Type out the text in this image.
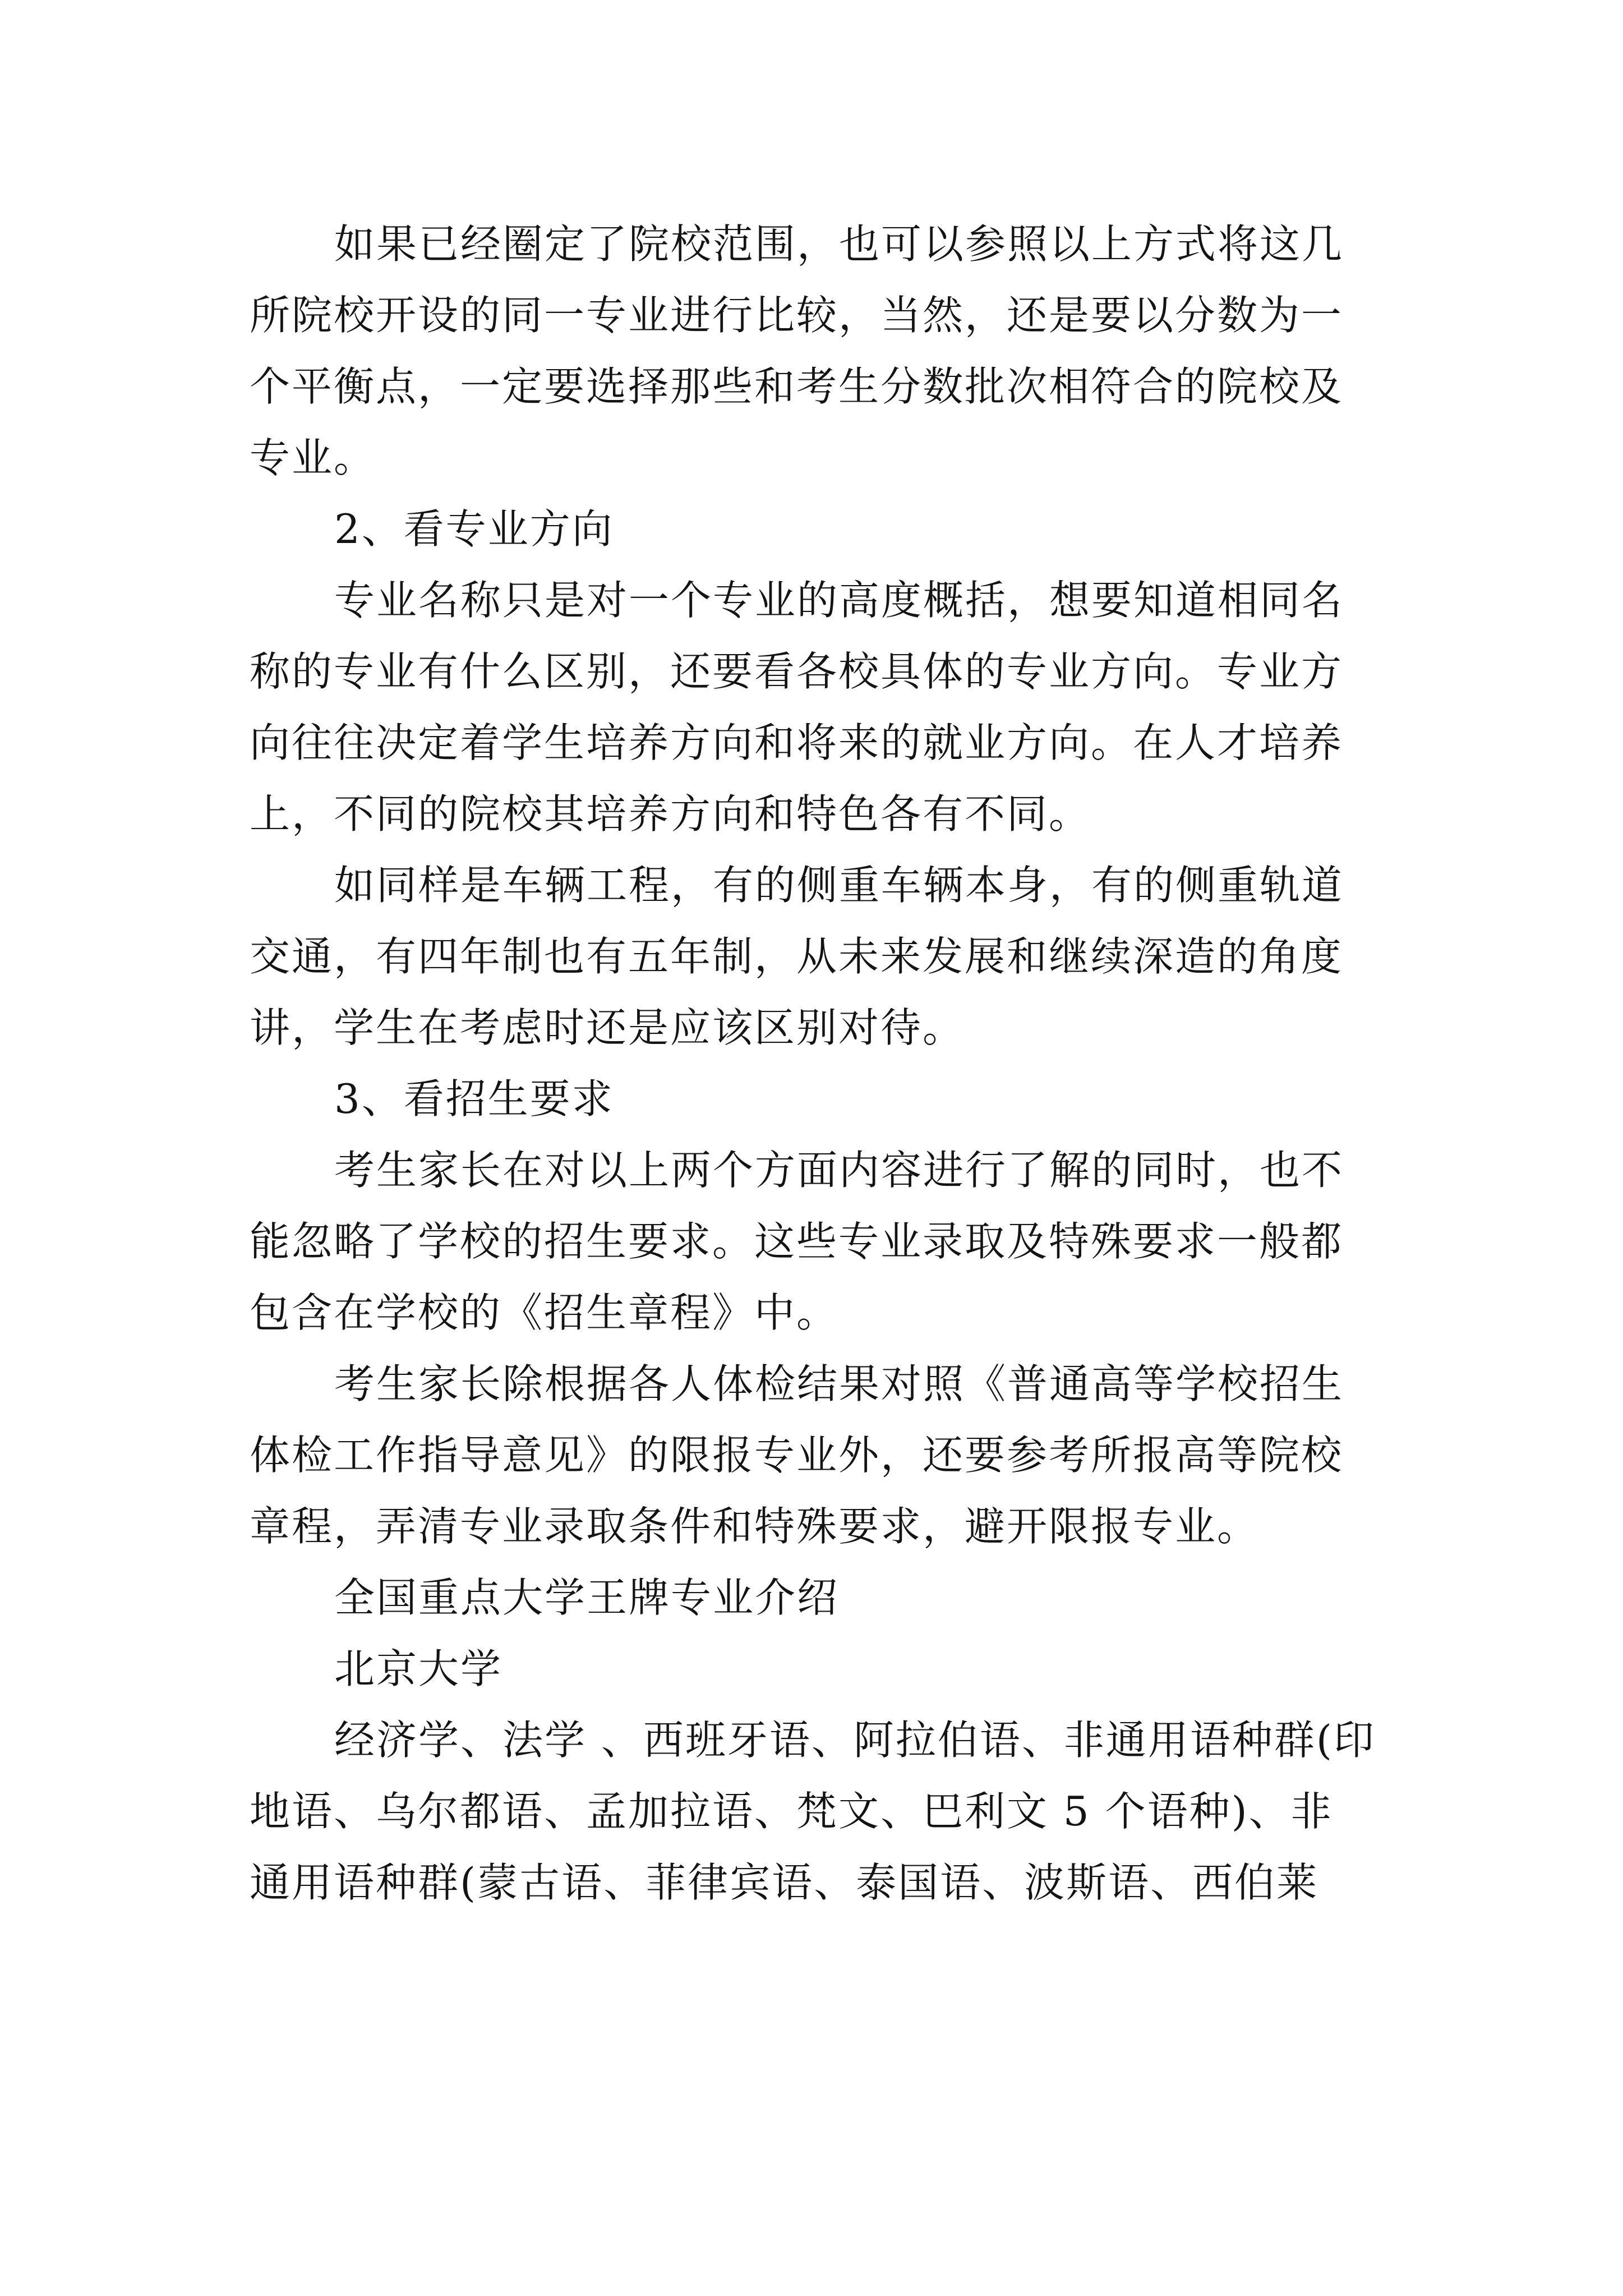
如果已经圈定了院校范围，也可以参照以上方式将这几
所院校开设的同一专业进行比较，当然，还是要以分数为一
个平衡点，一定要选择那些和考生分数批次相符合的院校及
专业。
2、看专业方向
专业名称只是对一个专业的高度概括，想要知道相同名
称的专业有什么区别，还要看各校具体的专业方向。专业方
向往往决定着学生培养方向和将来的就业方向。在人才培养
上，不同的院校其培养方向和特色各有不同。
如同样是车辆工程，有的侧重车辆本身，有的侧重轨道
交通，有四年制也有五年制，从未来发展和继续深造的角度
讲，学生在考虑时还是应该区别对待。
3、看招生要求
考生家长在对以上两个方面内容进行了解的同时，也不
能忽略了学校的招生要求。这些专业录取及特殊要求一般都
包含在学校的《招生章程》中。
考生家长除根据各人体检结果对照《普通高等学校招生
体检工作指导意见》的限报专业外，还要参考所报高等院校
章程，弄清专业录取条件和特殊要求，避开限报专业。
全国重点大学王牌专业介绍
北京大学
经济学、法学 、西班牙语、阿拉伯语、非通用语种群(印
地语、乌尔都语、孟加拉语、梵文、巴利文 5 个语种)、非
通用语种群(蒙古语、菲律宾语、泰国语、波斯语、西伯莱
